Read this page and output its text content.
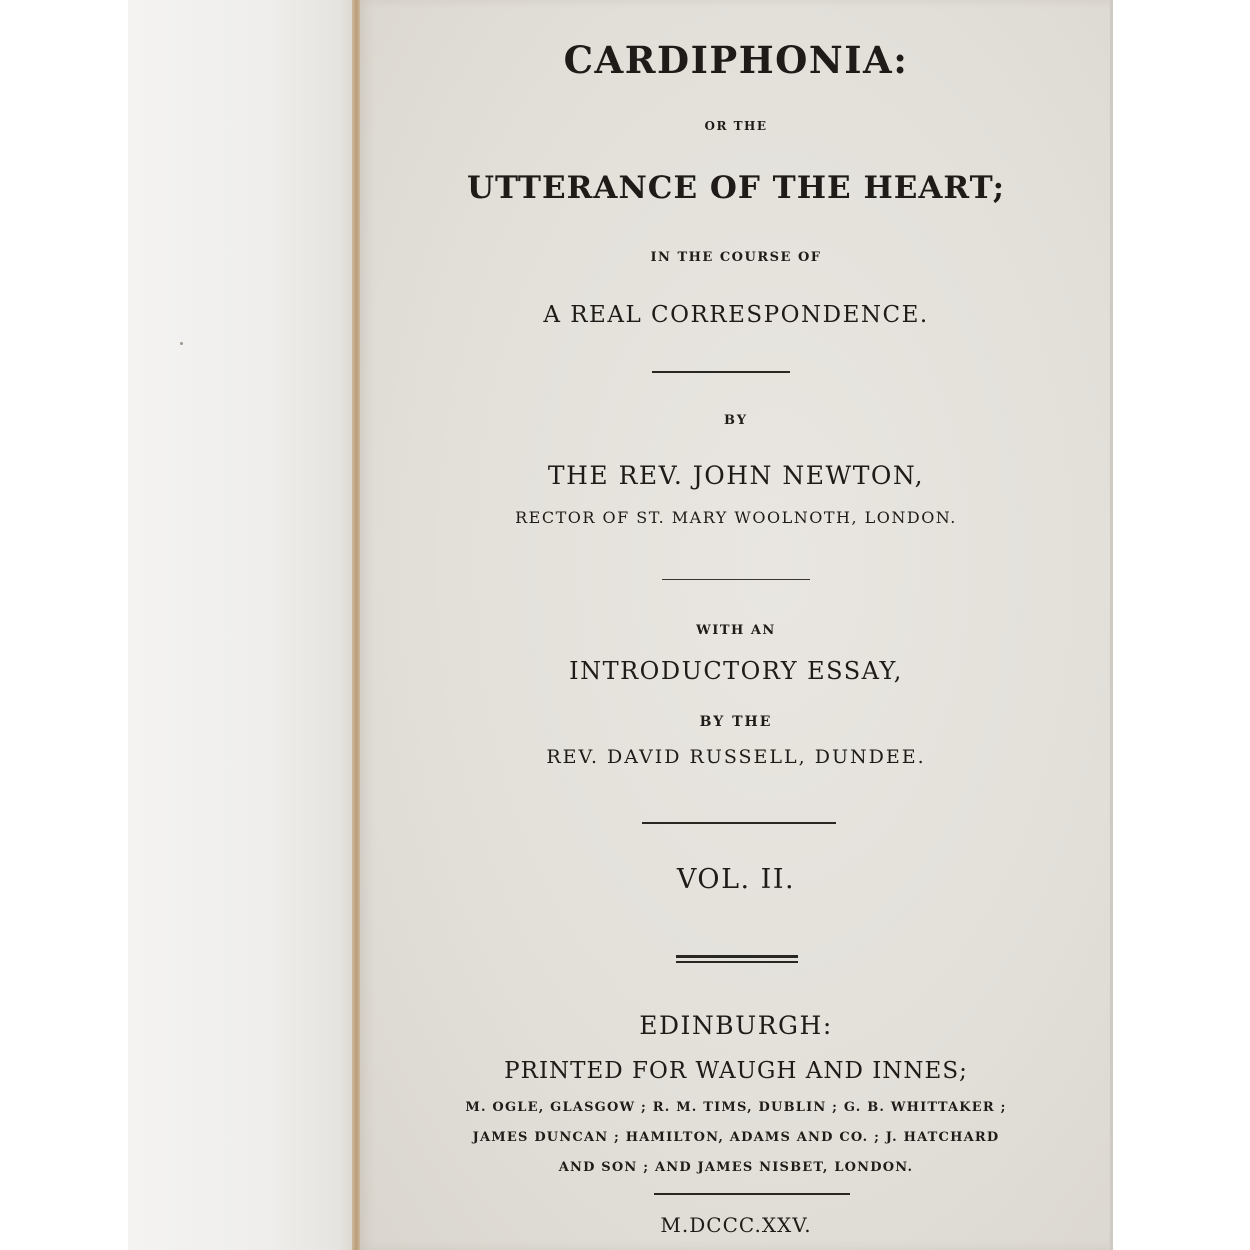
CARDIPHONIA:
OR THE
UTTERANCE OF THE HEART;
IN THE COURSE OF
A REAL CORRESPONDENCE.
BY
THE REV. JOHN NEWTON,
RECTOR OF ST. MARY WOOLNOTH, LONDON.
WITH AN
INTRODUCTORY ESSAY,
BY THE
REV. DAVID RUSSELL, DUNDEE.
VOL. II.
EDINBURGH:
PRINTED FOR WAUGH AND INNES;
M. OGLE, GLASGOW ; R. M. TIMS, DUBLIN ; G. B. WHITTAKER ;
JAMES DUNCAN ; HAMILTON, ADAMS AND CO. ; J. HATCHARD
AND SON ; AND JAMES NISBET, LONDON.
M.DCCC.XXV.
